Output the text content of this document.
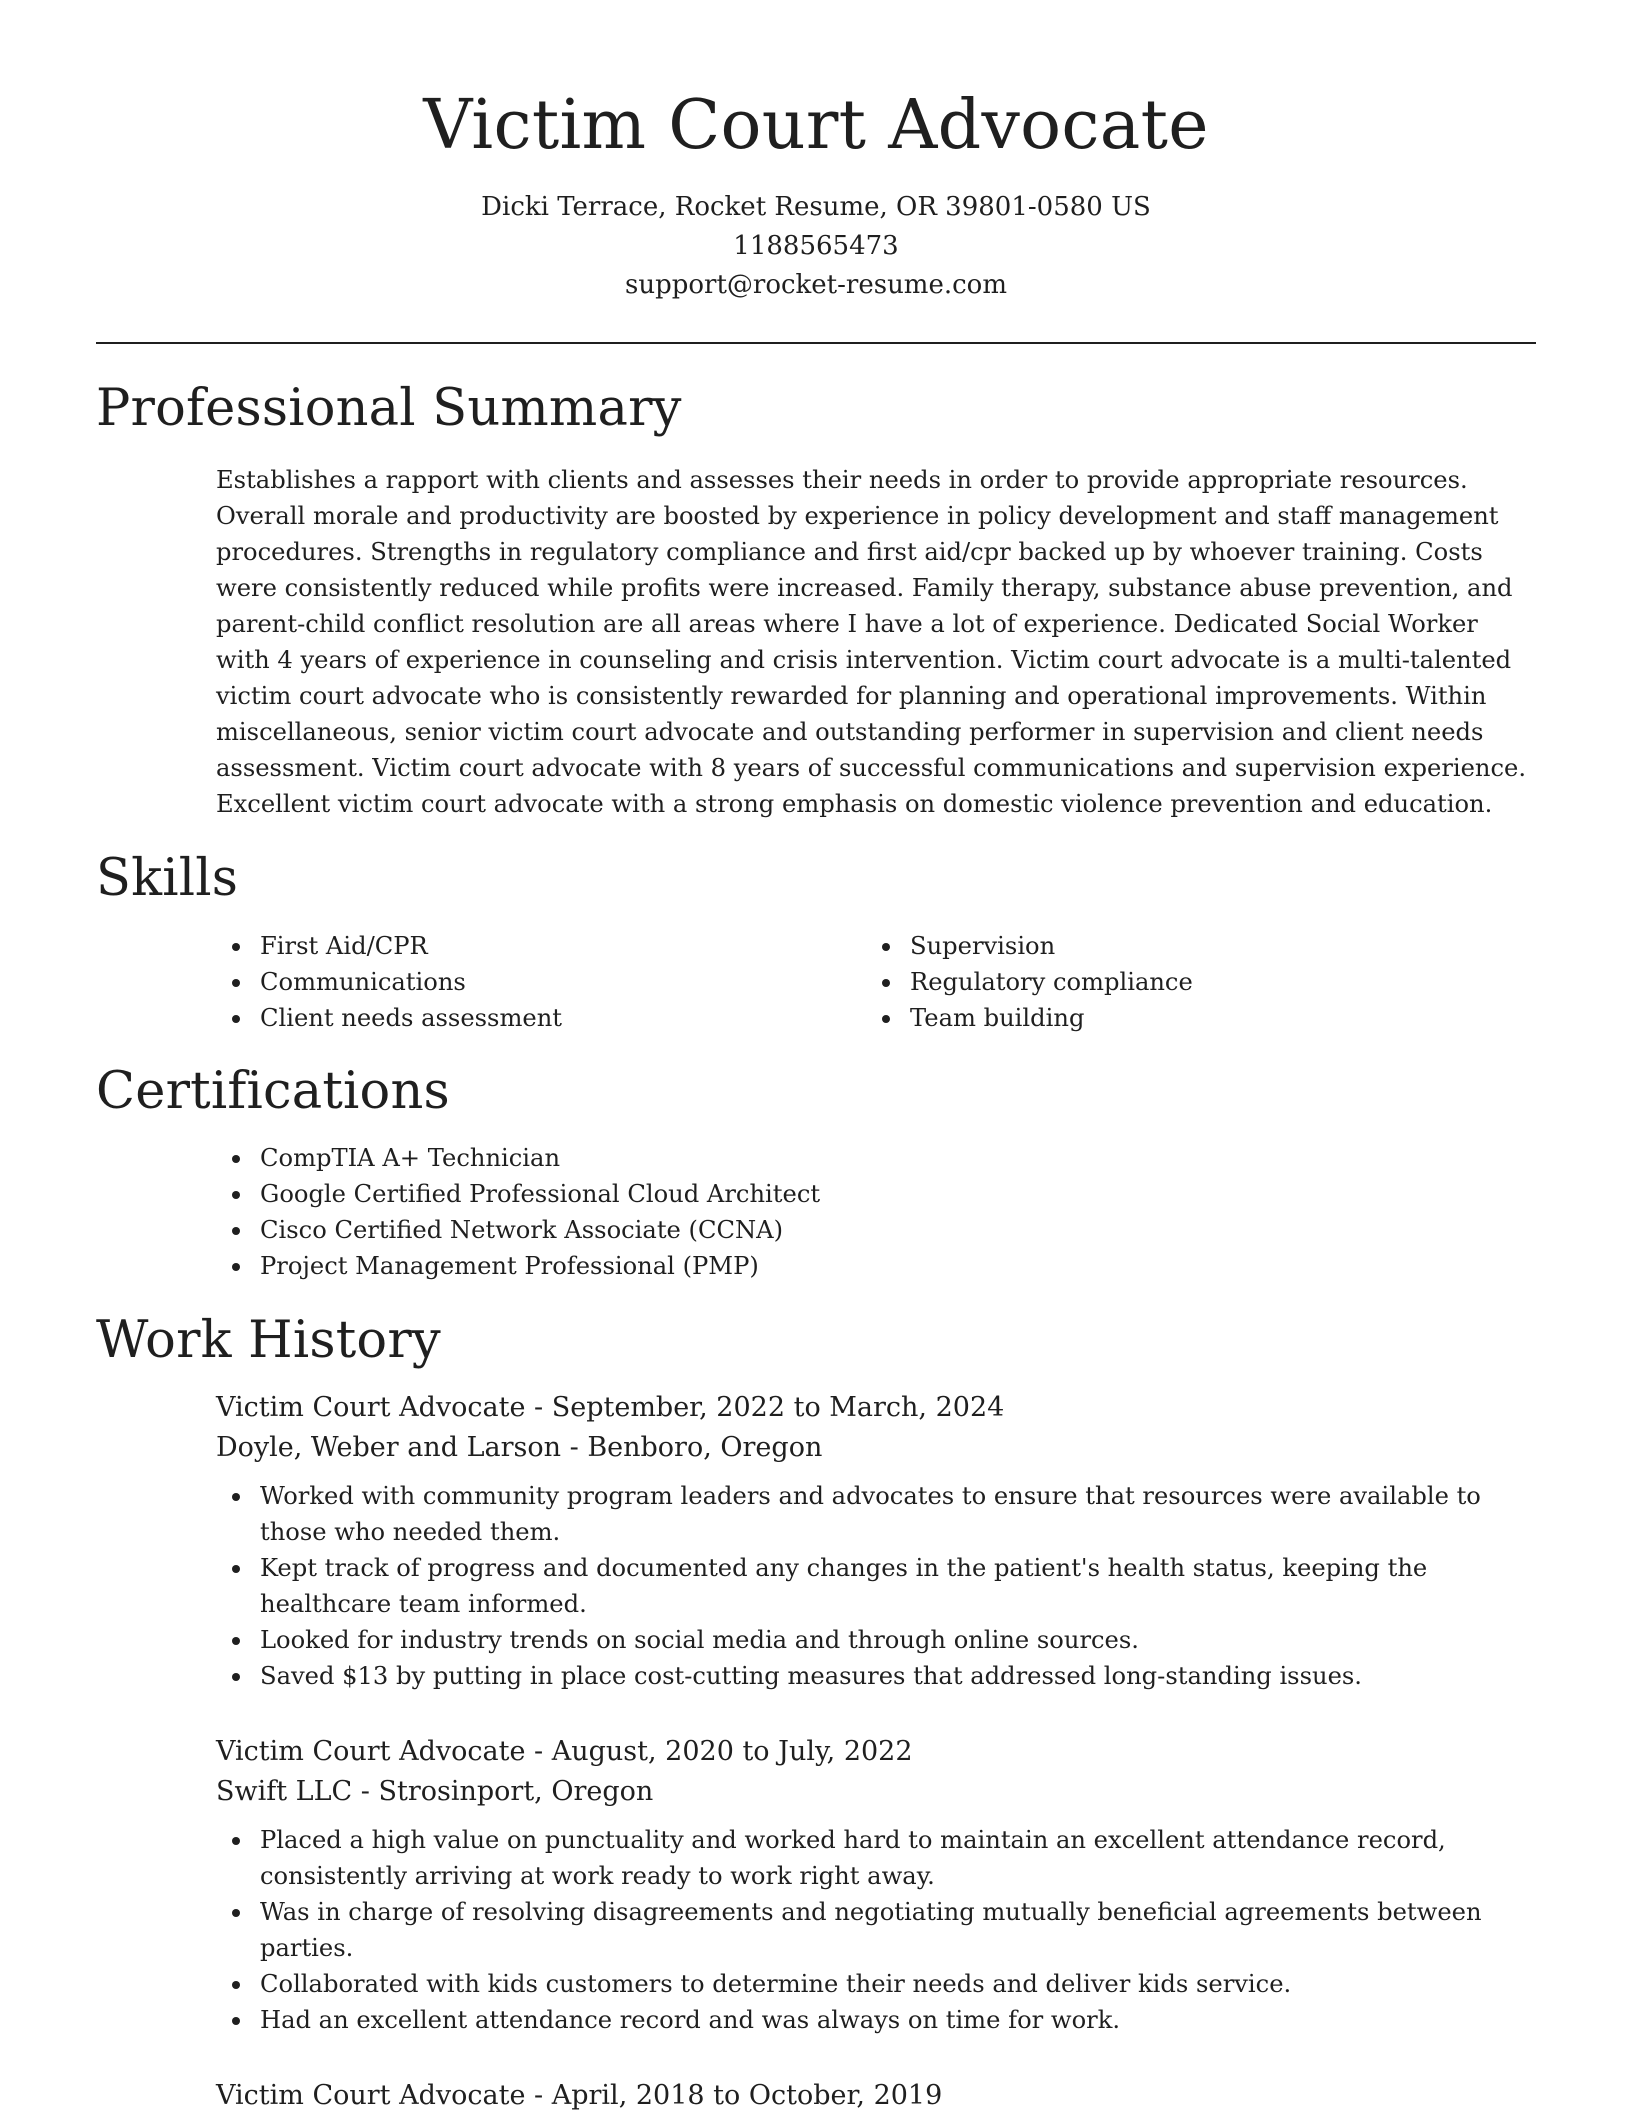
Victim Court Advocate
Dicki Terrace, Rocket Resume, OR 39801-0580 US
1188565473
support@rocket-resume.com
Professional Summary

Establishes a rapport with clients and assesses their needs in order to provide appropriate resources. Overall morale and productivity are boosted by experience in policy development and staff management procedures. Strengths in regulatory compliance and first aid/cpr backed up by whoever training. Costs were consistently reduced while profits were increased. Family therapy, substance abuse prevention, and parent-child conflict resolution are all areas where I have a lot of experience. Dedicated Social Worker with 4 years of experience in counseling and crisis intervention. Victim court advocate is a multi-talented victim court advocate who is consistently rewarded for planning and operational improvements. Within miscellaneous, senior victim court advocate and outstanding performer in supervision and client needs assessment. Victim court advocate with 8 years of successful communications and supervision experience. Excellent victim court advocate with a strong emphasis on domestic violence prevention and education.

Skills
First Aid/CPR
Communications
Client needs assessment
Supervision
Regulatory compliance
Team building
Certifications
CompTIA A+ Technician
Google Certified Professional Cloud Architect
Cisco Certified Network Associate (CCNA)
Project Management Professional (PMP)
Work History
Victim Court Advocate - September, 2022 to March, 2024
Doyle, Weber and Larson - Benboro, Oregon
Worked with community program leaders and advocates to ensure that resources were available to those who needed them.
Kept track of progress and documented any changes in the patient's health status, keeping the healthcare team informed.
Looked for industry trends on social media and through online sources.
Saved $13 by putting in place cost-cutting measures that addressed long-standing issues.
Victim Court Advocate - August, 2020 to July, 2022
Swift LLC - Strosinport, Oregon
Placed a high value on punctuality and worked hard to maintain an excellent attendance record, consistently arriving at work ready to work right away.
Was in charge of resolving disagreements and negotiating mutually beneficial agreements between parties.
Collaborated with kids customers to determine their needs and deliver kids service.
Had an excellent attendance record and was always on time for work.
Victim Court Advocate - April, 2018 to October, 2019
